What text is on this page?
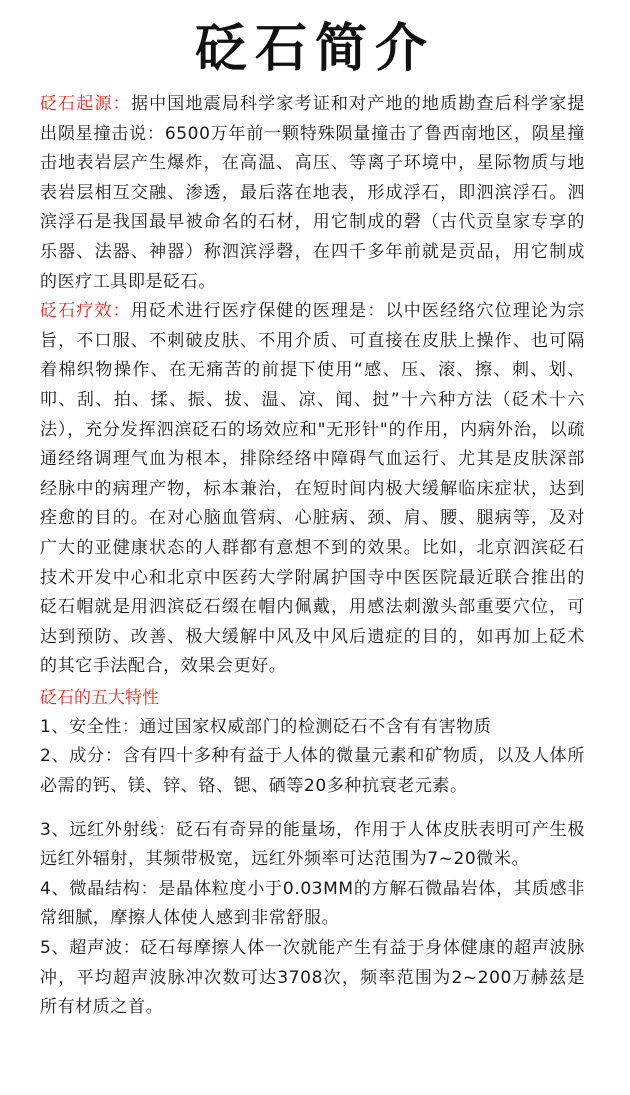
砭石简介

砭石起源：据中国地震局科学家考证和对产地的地质勘查后科学家提出陨星撞击说：6500万年前一颗特殊陨量撞击了鲁西南地区，陨星撞击地表岩层产生爆炸，在高温、高压、等离子环境中，星际物质与地表岩层相互交融、渗透，最后落在地表，形成浮石，即泗滨浮石。泗滨浮石是我国最早被命名的石材，用它制成的磬（古代贡皇家专享的乐器、法器、神器）称泗滨浮磬，在四千多年前就是贡品，用它制成的医疗工具即是砭石。

砭石疗效：用砭术进行医疗保健的医理是：以中医经络穴位理论为宗旨，不口服、不刺破皮肤、不用介质、可直接在皮肤上操作、也可隔着棉织物操作、在无痛苦的前提下使用“感、压、滚、擦、刺、划、叩、刮、拍、揉、振、拔、温、凉、闻、挝”十六种方法（砭术十六法），充分发挥泗滨砭石的场效应和"无形针"的作用，内病外治，以疏通经络调理气血为根本，排除经络中障碍气血运行、尤其是皮肤深部经脉中的病理产物，标本兼治，在短时间内极大缓解临床症状，达到痊愈的目的。在对心脑血管病、心脏病、颈、肩、腰、腿病等，及对广大的亚健康状态的人群都有意想不到的效果。比如，北京泗滨砭石技术开发中心和北京中医药大学附属护国寺中医医院最近联合推出的砭石帽就是用泗滨砭石缀在帽内佩戴，用感法刺激头部重要穴位，可达到预防、改善、极大缓解中风及中风后遗症的目的，如再加上砭术的其它手法配合，效果会更好。

砭石的五大特性

1、安全性：通过国家权威部门的检测砭石不含有有害物质

2、成分：含有四十多种有益于人体的微量元素和矿物质，以及人体所必需的钙、镁、锌、铬、锶、硒等20多种抗衰老元素。

3、远红外射线：砭石有奇异的能量场，作用于人体皮肤表明可产生极远红外辐射，其频带极宽，远红外频率可达范围为7~20微米。

4、微晶结构：是晶体粒度小于0.03MM的方解石微晶岩体，其质感非常细腻，摩擦人体使人感到非常舒服。

5、超声波：砭石每摩擦人体一次就能产生有益于身体健康的超声波脉冲，平均超声波脉冲次数可达3708次，频率范围为2~200万赫兹是所有材质之首。
